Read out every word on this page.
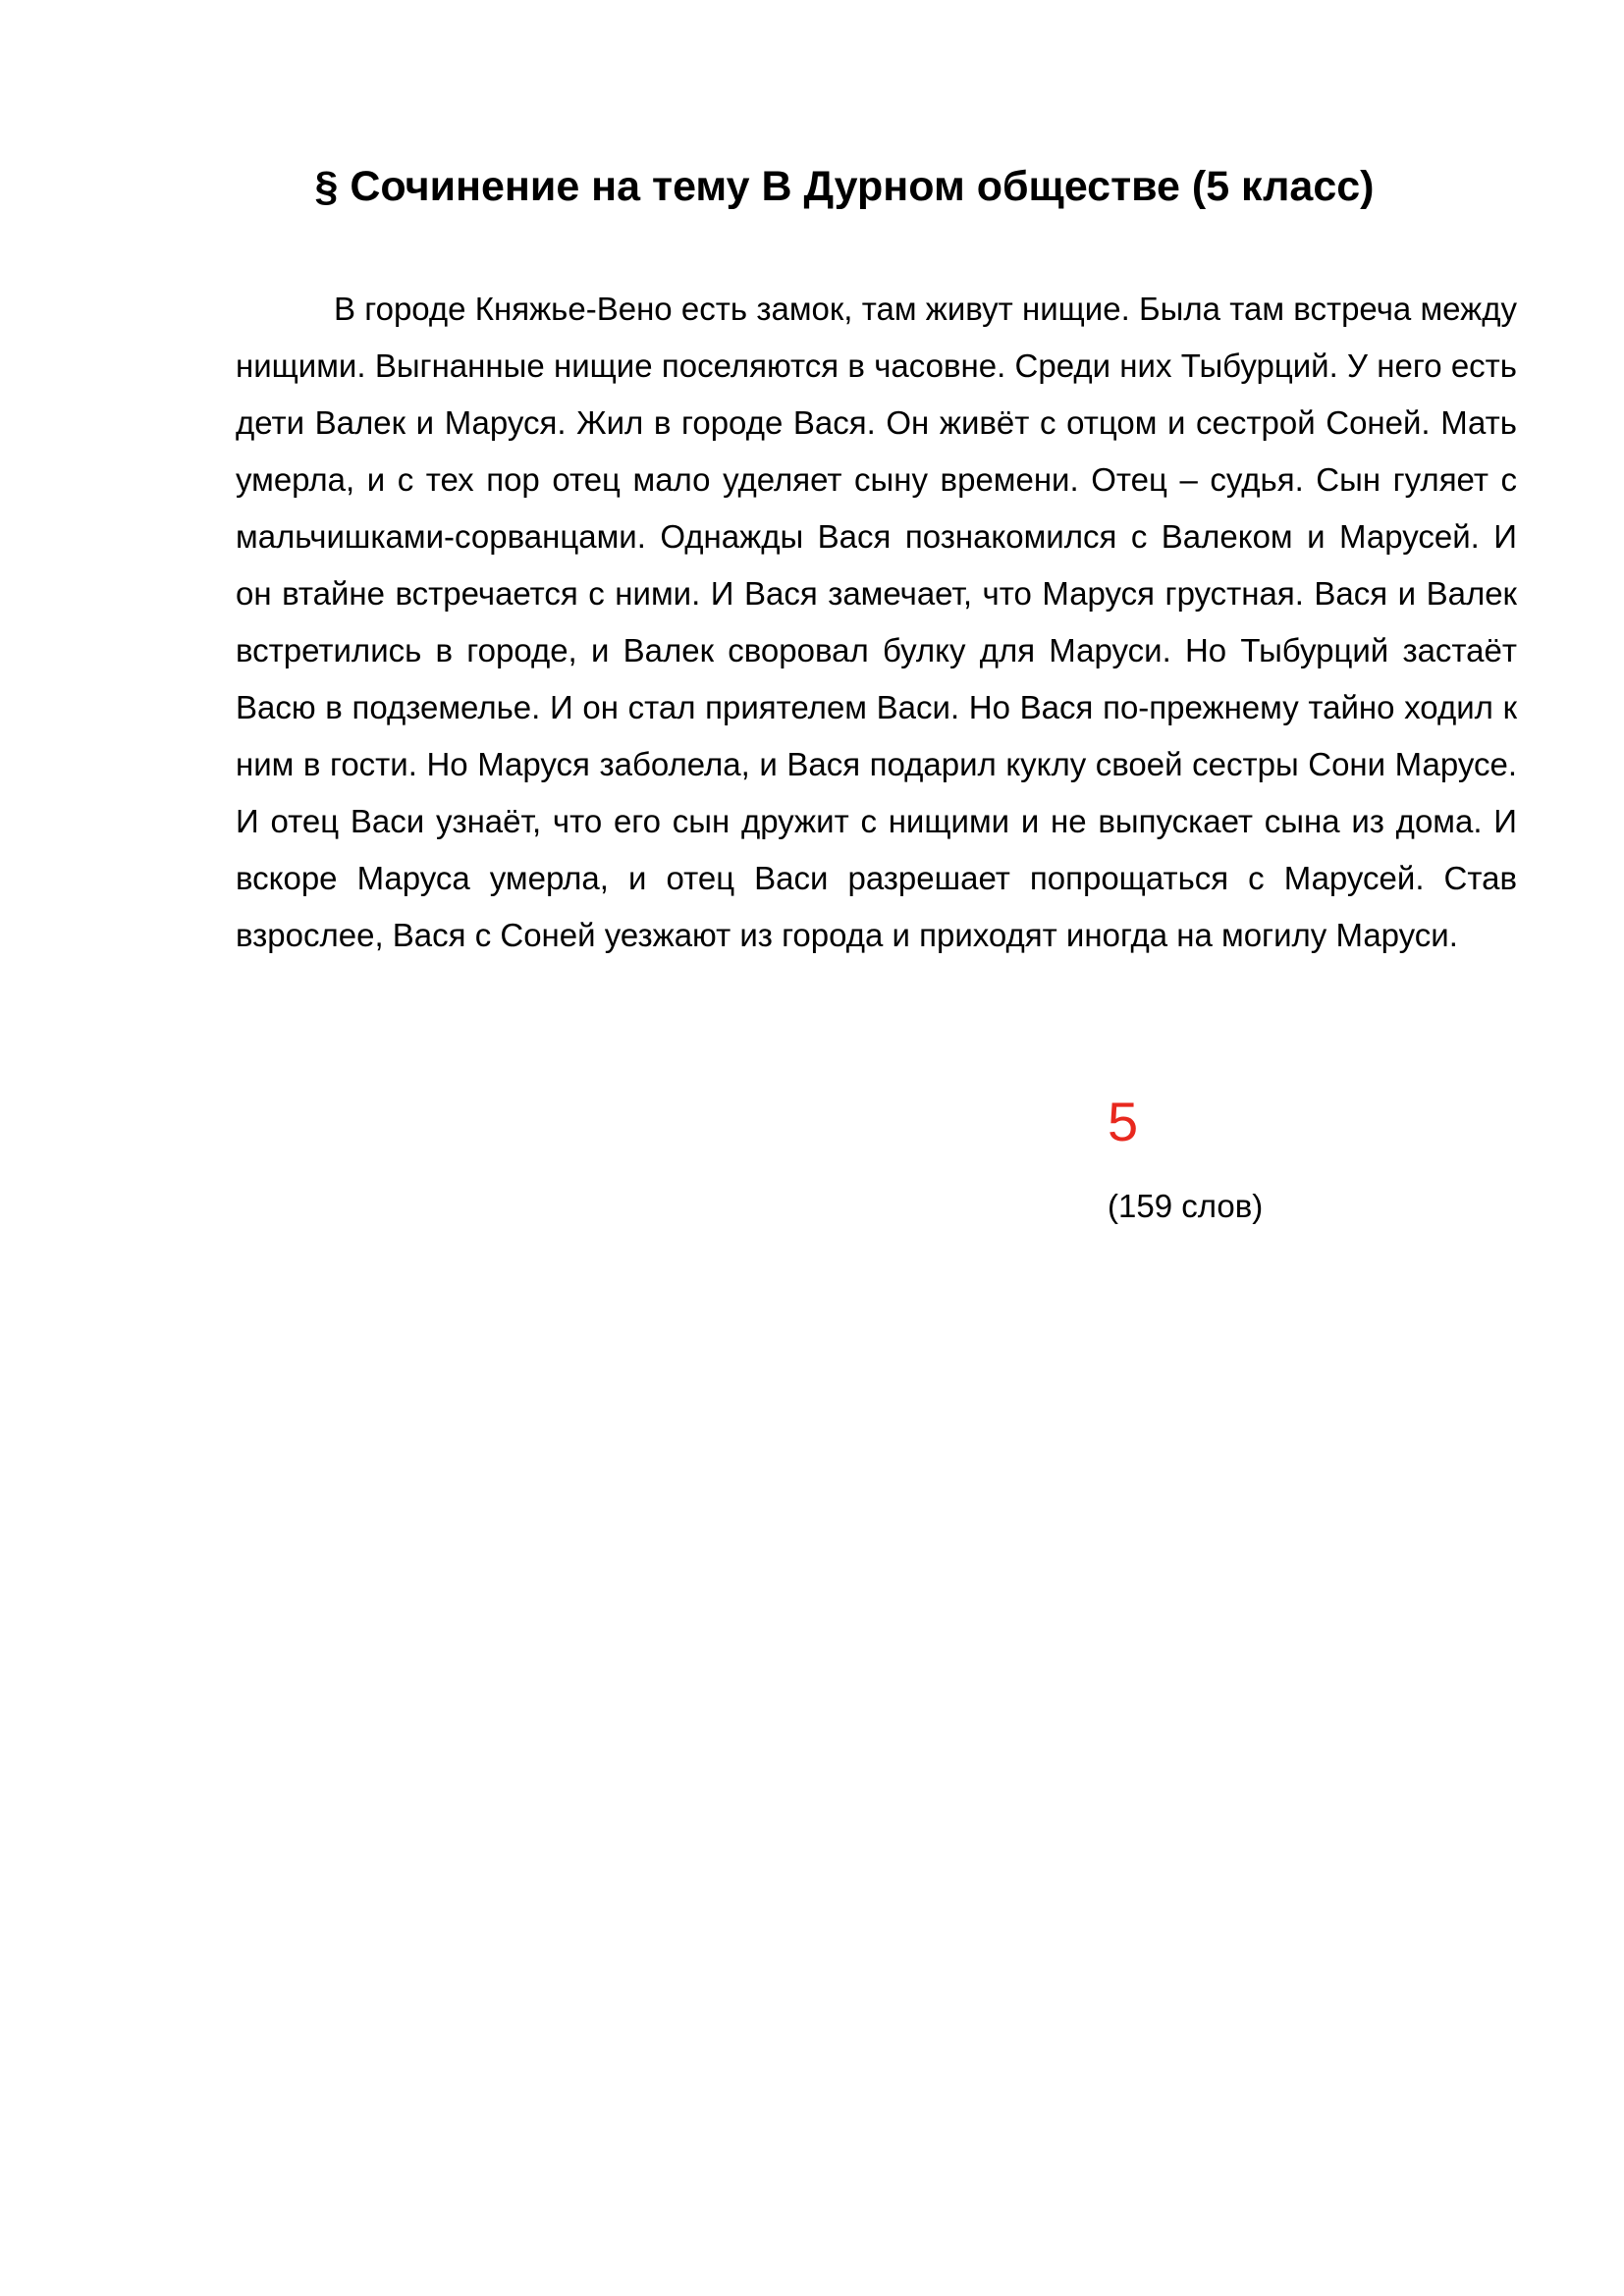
§ Сочинение на тему В Дурном обществе (5 класс)

В городе Княжье-Вено есть замок, там живут нищие. Была там встреча между нищими. Выгнанные нищие поселяются в часовне. Среди них Тыбурций. У него есть дети Валек и Маруся. Жил в городе Вася. Он живёт с отцом и сестрой Соней. Мать умерла, и с тех пор отец мало уделяет сыну времени. Отец – судья. Сын гуляет с мальчишками-сорванцами. Однажды Вася познакомился с Валеком и Марусей. И он втайне встречается с ними. И Вася замечает, что Маруся грустная. Вася и Валек встретились в городе, и Валек своровал булку для Маруси. Но Тыбурций застаёт Васю в подземелье. И он стал приятелем Васи. Но Вася по-прежнему тайно ходил к ним в гости. Но Маруся заболела, и Вася подарил куклу своей сестры Сони Марусе. И отец Васи узнаёт, что его сын дружит с нищими и не выпускает сына из дома. И вскоре Маруса умерла, и отец Васи разрешает попрощаться с Марусей. Став взрослее, Вася с Соней уезжают из города и приходят иногда на могилу Маруси.

5
(159 слов)
